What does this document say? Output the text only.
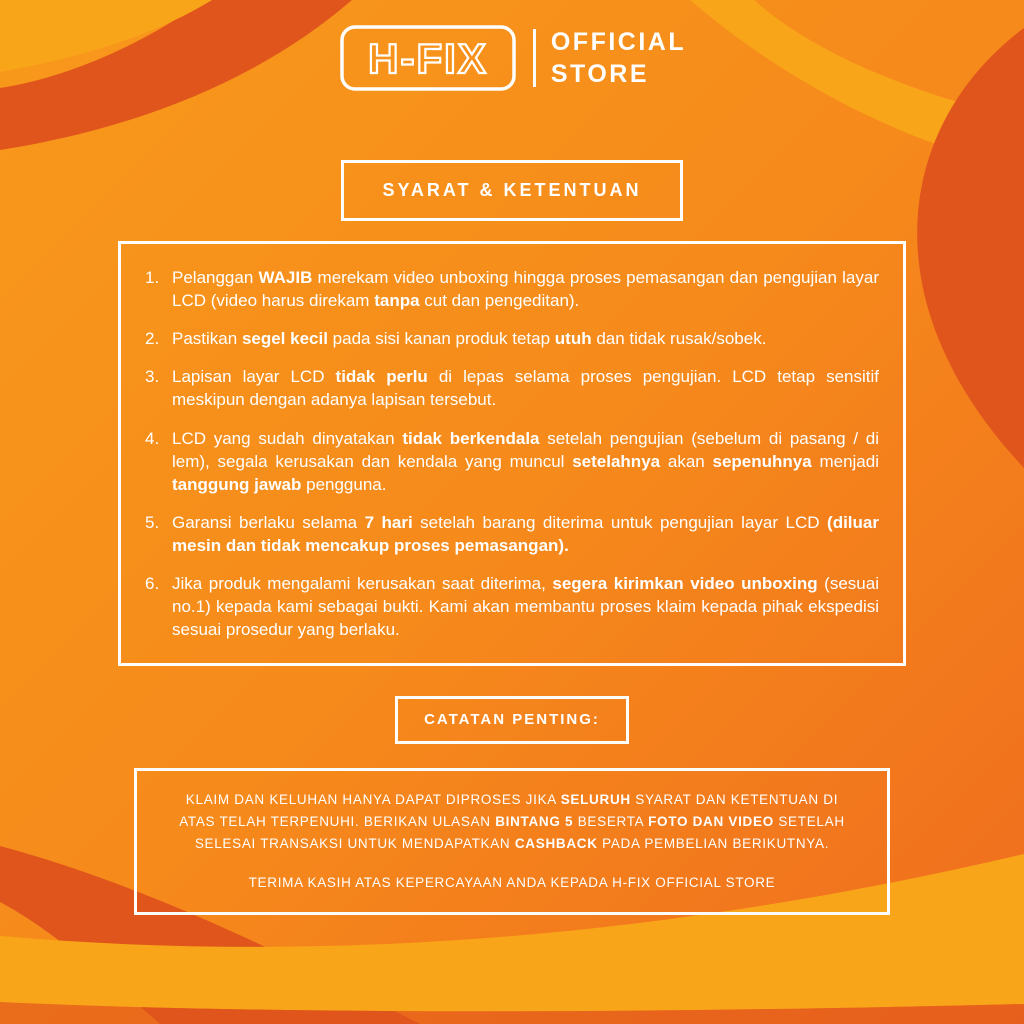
H-FIX	OFFICIAL
STORE
SYARAT & KETENTUAN
1. Pelanggan WAJIB merekam video unboxing hingga proses pemasangan dan pengujian layar LCD (video harus direkam tanpa cut dan pengeditan).
2. Pastikan segel kecil pada sisi kanan produk tetap utuh dan tidak rusak/sobek.
3. Lapisan layar LCD tidak perlu di lepas selama proses pengujian. LCD tetap sensitif meskipun dengan adanya lapisan tersebut.
4. LCD yang sudah dinyatakan tidak berkendala setelah pengujian (sebelum di pasang / di lem), segala kerusakan dan kendala yang muncul setelahnya akan sepenuhnya menjadi tanggung jawab pengguna.
5. Garansi berlaku selama 7 hari setelah barang diterima untuk pengujian layar LCD (diluar mesin dan tidak mencakup proses pemasangan).
6. Jika produk mengalami kerusakan saat diterima, segera kirimkan video unboxing (sesuai no.1) kepada kami sebagai bukti. Kami akan membantu proses klaim kepada pihak ekspedisi sesuai prosedur yang berlaku.
CATATAN PENTING:

KLAIM DAN KELUHAN HANYA DAPAT DIPROSES JIKA SELURUH SYARAT DAN KETENTUAN DI ATAS TELAH TERPENUHI. BERIKAN ULASAN BINTANG 5 BESERTA FOTO DAN VIDEO SETELAH SELESAI TRANSAKSI UNTUK MENDAPATKAN CASHBACK PADA PEMBELIAN BERIKUTNYA.

TERIMA KASIH ATAS KEPERCAYAAN ANDA KEPADA H-FIX OFFICIAL STORE
